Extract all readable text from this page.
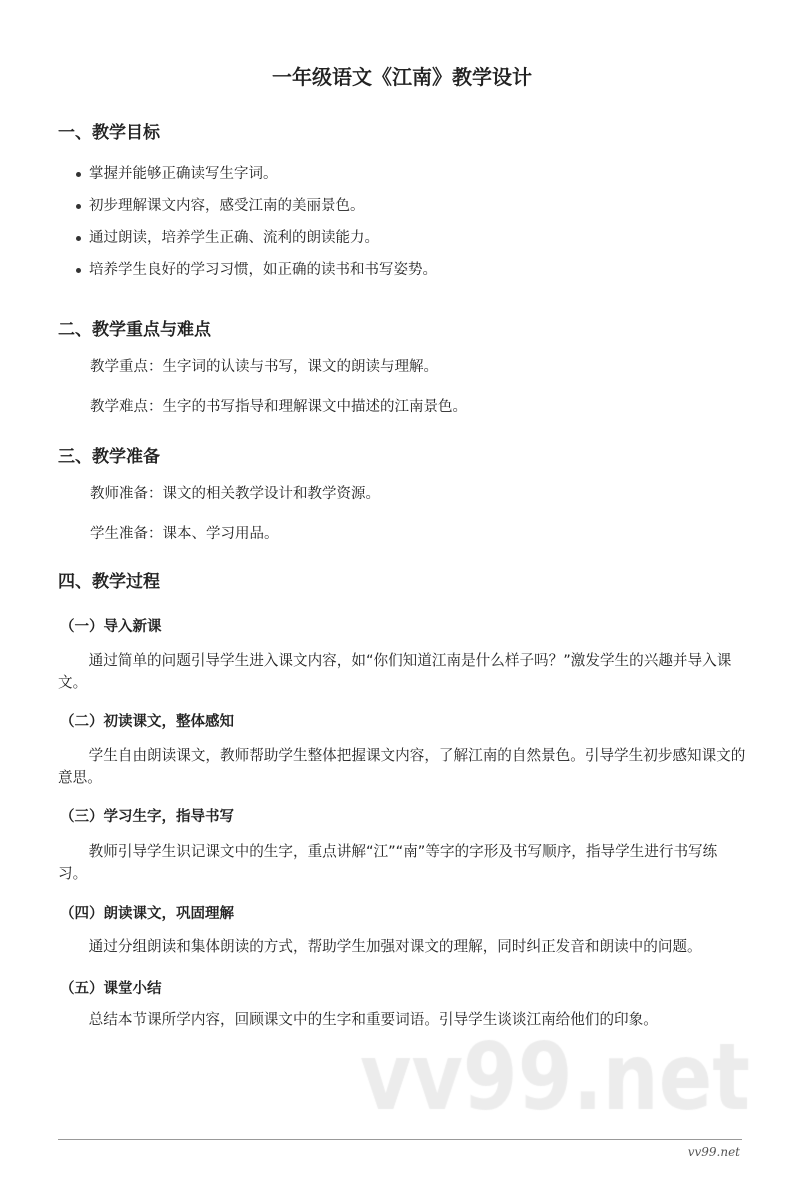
一年级语文《江南》教学设计
一、教学目标
掌握并能够正确读写生字词。
初步理解课文内容，感受江南的美丽景色。
通过朗读，培养学生正确、流利的朗读能力。
培养学生良好的学习习惯，如正确的读书和书写姿势。
二、教学重点与难点
教学重点：生字词的认读与书写，课文的朗读与理解。
教学难点：生字的书写指导和理解课文中描述的江南景色。
三、教学准备
教师准备：课文的相关教学设计和教学资源。
学生准备：课本、学习用品。
四、教学过程
（一）导入新课
通过简单的问题引导学生进入课文内容，如“你们知道江南是什么样子吗？”激发学生的兴趣并导入课文。
（二）初读课文，整体感知
学生自由朗读课文，教师帮助学生整体把握课文内容，了解江南的自然景色。引导学生初步感知课文的意思。
（三）学习生字，指导书写
教师引导学生识记课文中的生字，重点讲解“江”“南”等字的字形及书写顺序，指导学生进行书写练习。
（四）朗读课文，巩固理解
通过分组朗读和集体朗读的方式，帮助学生加强对课文的理解，同时纠正发音和朗读中的问题。
（五）课堂小结
总结本节课所学内容，回顾课文中的生字和重要词语。引导学生谈谈江南给他们的印象。
vv99.net
